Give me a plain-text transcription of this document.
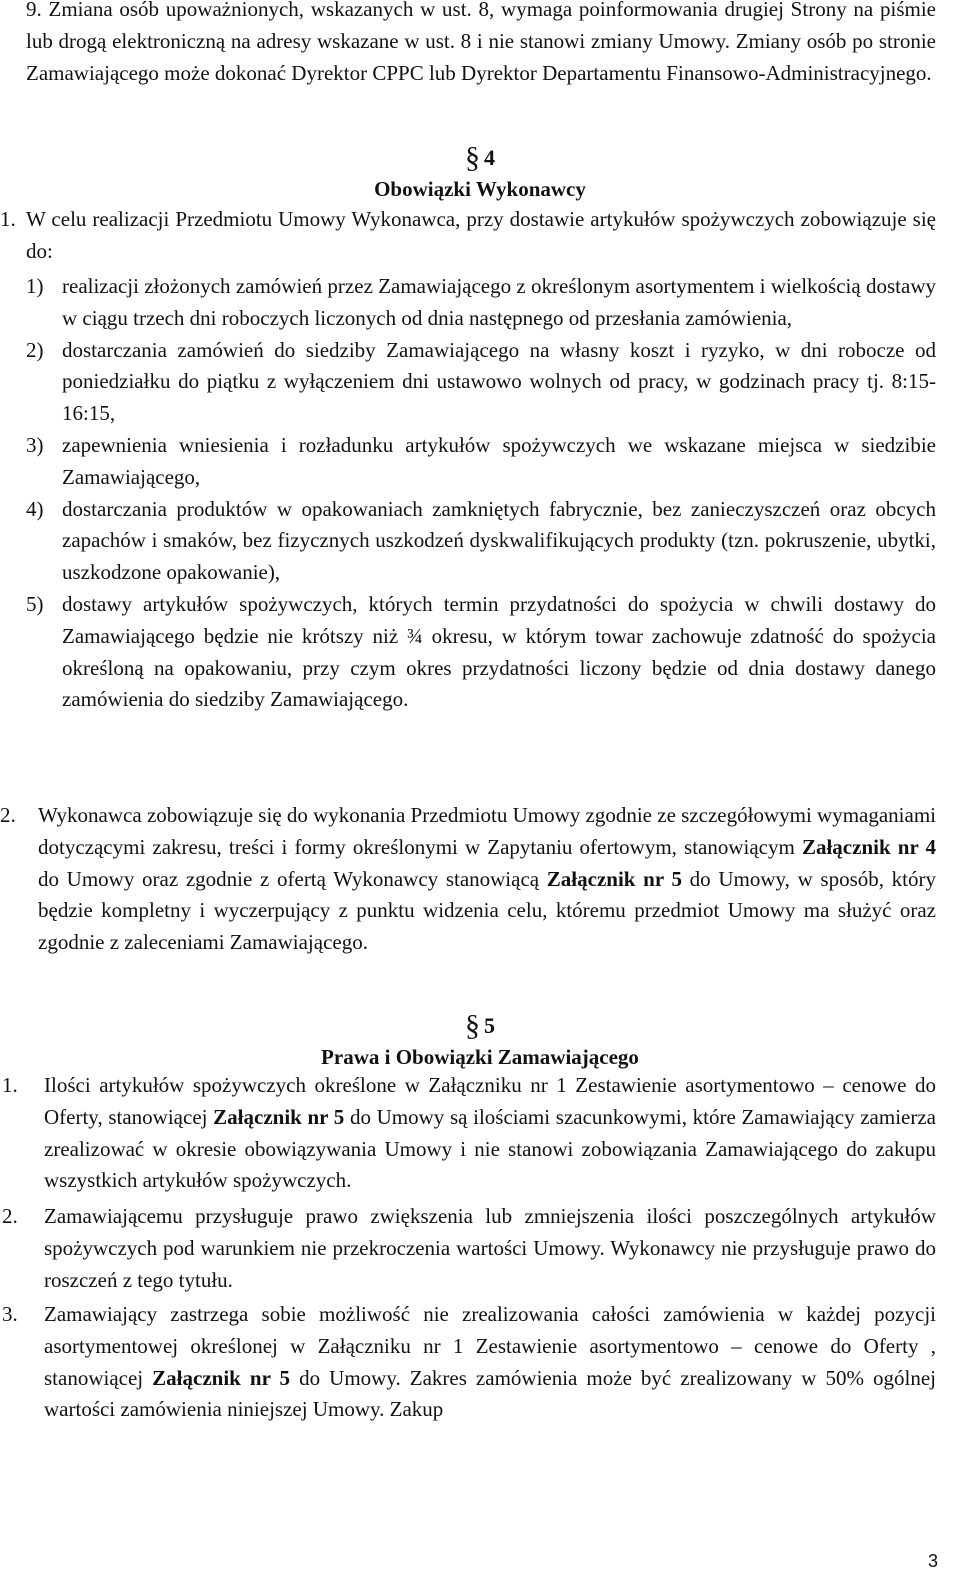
9. Zmiana osób upoważnionych, wskazanych w ust. 8, wymaga poinformowania drugiej Strony na piśmie lub drogą elektroniczną na adresy wskazane w ust. 8 i nie stanowi zmiany Umowy. Zmiany osób po stronie Zamawiającego może dokonać Dyrektor CPPC lub Dyrektor Departamentu Finansowo-Administracyjnego.
§ 4
Obowiązki Wykonawcy
1. W celu realizacji Przedmiotu Umowy Wykonawca, przy dostawie artykułów spożywczych zobowiązuje się do:
1) realizacji złożonych zamówień przez Zamawiającego z określonym asortymentem i wielkością dostawy w ciągu trzech dni roboczych liczonych od dnia następnego od przesłania zamówienia,
2) dostarczania zamówień do siedziby Zamawiającego na własny koszt i ryzyko, w dni robocze od poniedziałku do piątku z wyłączeniem dni ustawowo wolnych od pracy, w godzinach pracy tj. 8:15-16:15,
3) zapewnienia wniesienia i rozładunku artykułów spożywczych we wskazane miejsca w siedzibie Zamawiającego,
4) dostarczania produktów w opakowaniach zamkniętych fabrycznie, bez zanieczyszczeń oraz obcych zapachów i smaków, bez fizycznych uszkodzeń dyskwalifikujących produkty (tzn. pokruszenie, ubytki, uszkodzone opakowanie),
5) dostawy artykułów spożywczych, których termin przydatności do spożycia w chwili dostawy do Zamawiającego będzie nie krótszy niż ¾ okresu, w którym towar zachowuje zdatność do spożycia określoną na opakowaniu, przy czym okres przydatności liczony będzie od dnia dostawy danego zamówienia do siedziby Zamawiającego.
2. Wykonawca zobowiązuje się do wykonania Przedmiotu Umowy zgodnie ze szczegółowymi wymaganiami dotyczącymi zakresu, treści i formy określonymi w Zapytaniu ofertowym, stanowiącym Załącznik nr 4 do Umowy oraz zgodnie z ofertą Wykonawcy stanowiącą Załącznik nr 5 do Umowy, w sposób, który będzie kompletny i wyczerpujący z punktu widzenia celu, któremu przedmiot Umowy ma służyć oraz zgodnie z zaleceniami Zamawiającego.
§ 5
Prawa i Obowiązki Zamawiającego
1. Ilości artykułów spożywczych określone w Załączniku nr 1 Zestawienie asortymentowo – cenowe do Oferty, stanowiącej Załącznik nr 5 do Umowy są ilościami szacunkowymi, które Zamawiający zamierza zrealizować w okresie obowiązywania Umowy i nie stanowi zobowiązania Zamawiającego do zakupu wszystkich artykułów spożywczych.
2. Zamawiającemu przysługuje prawo zwiększenia lub zmniejszenia ilości poszczególnych artykułów spożywczych pod warunkiem nie przekroczenia wartości Umowy. Wykonawcy nie przysługuje prawo do roszczeń z tego tytułu.
3. Zamawiający zastrzega sobie możliwość nie zrealizowania całości zamówienia w każdej pozycji asortymentowej określonej w Załączniku nr 1 Zestawienie asortymentowo – cenowe do Oferty , stanowiącej Załącznik nr 5 do Umowy. Zakres zamówienia może być zrealizowany w 50% ogólnej wartości zamówienia niniejszej Umowy. Zakup
3
